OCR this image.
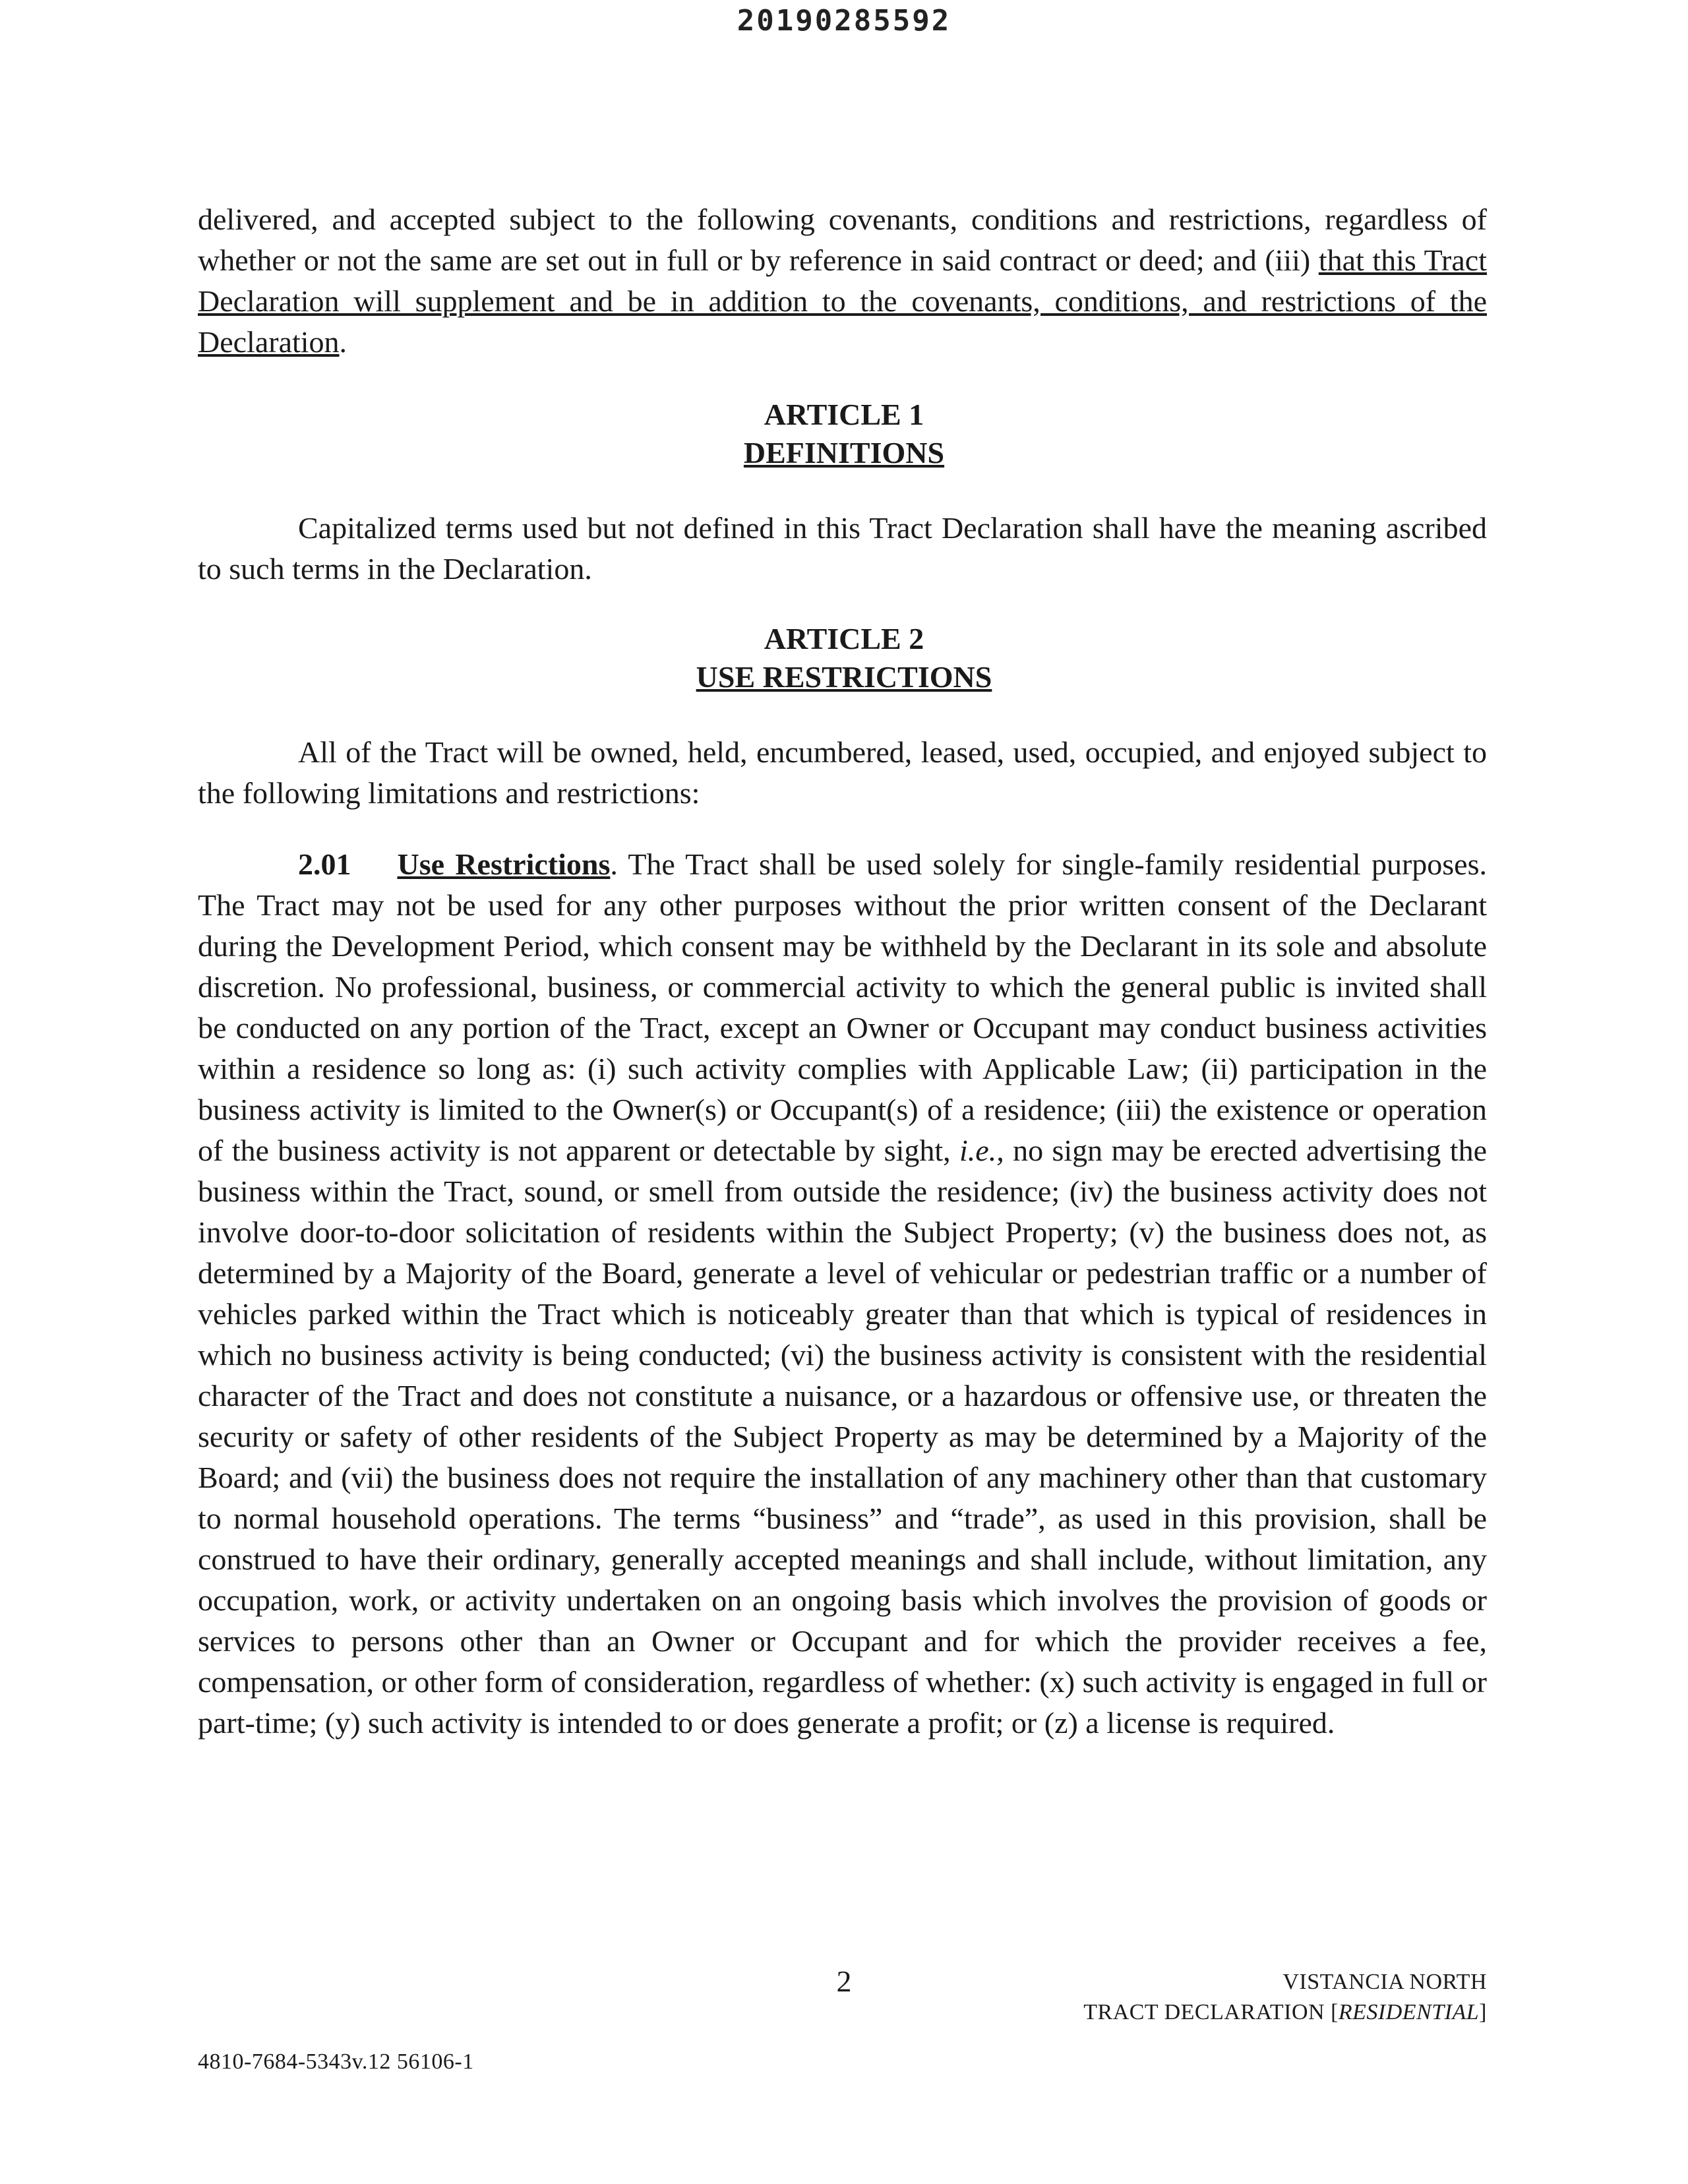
20190285592

delivered, and accepted subject to the following covenants, conditions and restrictions, regardless of whether or not the same are set out in full or by reference in said contract or deed; and (iii) that this Tract Declaration will supplement and be in addition to the covenants, conditions, and restrictions of the Declaration.

ARTICLE 1
DEFINITIONS

Capitalized terms used but not defined in this Tract Declaration shall have the meaning ascribed to such terms in the Declaration.

ARTICLE 2
USE RESTRICTIONS

All of the Tract will be owned, held, encumbered, leased, used, occupied, and enjoyed subject to the following limitations and restrictions:

2.01 Use Restrictions. The Tract shall be used solely for single-family residential purposes. The Tract may not be used for any other purposes without the prior written consent of the Declarant during the Development Period, which consent may be withheld by the Declarant in its sole and absolute discretion. No professional, business, or commercial activity to which the general public is invited shall be conducted on any portion of the Tract, except an Owner or Occupant may conduct business activities within a residence so long as: (i) such activity complies with Applicable Law; (ii) participation in the business activity is limited to the Owner(s) or Occupant(s) of a residence; (iii) the existence or operation of the business activity is not apparent or detectable by sight, i.e., no sign may be erected advertising the business within the Tract, sound, or smell from outside the residence; (iv) the business activity does not involve door-to-door solicitation of residents within the Subject Property; (v) the business does not, as determined by a Majority of the Board, generate a level of vehicular or pedestrian traffic or a number of vehicles parked within the Tract which is noticeably greater than that which is typical of residences in which no business activity is being conducted; (vi) the business activity is consistent with the residential character of the Tract and does not constitute a nuisance, or a hazardous or offensive use, or threaten the security or safety of other residents of the Subject Property as may be determined by a Majority of the Board; and (vii) the business does not require the installation of any machinery other than that customary to normal household operations. The terms “business” and “trade”, as used in this provision, shall be construed to have their ordinary, generally accepted meanings and shall include, without limitation, any occupation, work, or activity undertaken on an ongoing basis which involves the provision of goods or services to persons other than an Owner or Occupant and for which the provider receives a fee, compensation, or other form of consideration, regardless of whether: (x) such activity is engaged in full or part-time; (y) such activity is intended to or does generate a profit; or (z) a license is required.

2	VISTANCIA NORTH
TRACT DECLARATION [RESIDENTIAL]
4810-7684-5343v.12 56106-1
